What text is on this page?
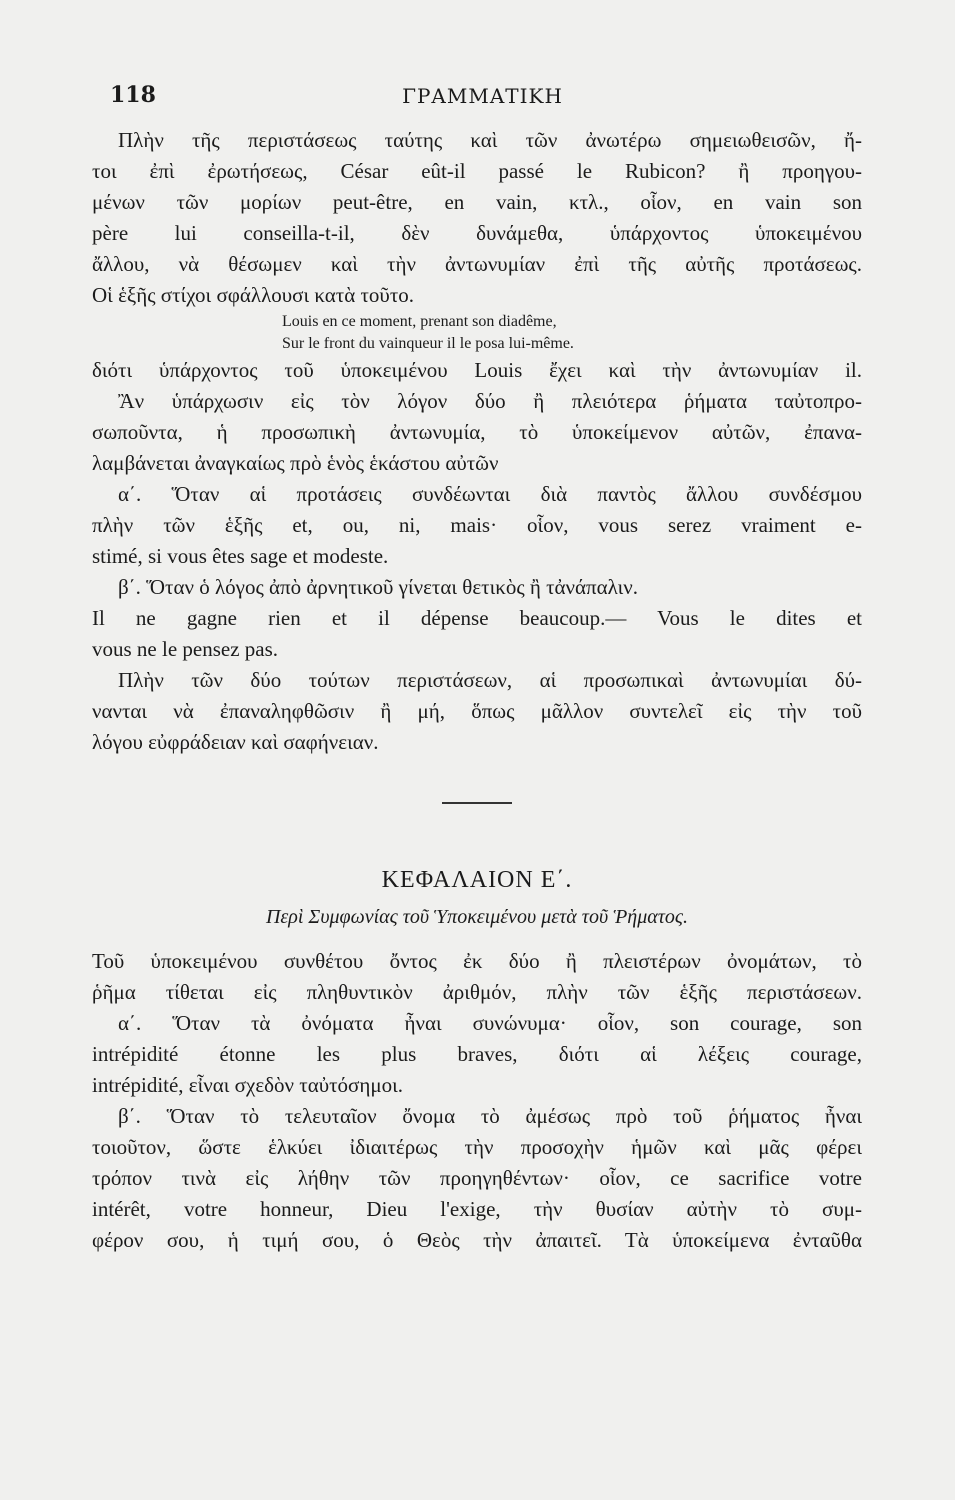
118	ΓΡΑΜΜΑΤΙΚΗ
Πλὴν τῆς περιστάσεως ταύτης καὶ τῶν ἀνωτέρω σημειωθεισῶν, ἤ-
τοι ἐπὶ ἐρωτήσεως, César eût-il passé le Rubicon? ἢ προηγου-
μένων τῶν μορίων peut-être, en vain, κτλ., οἷον, en vain son
père lui conseilla-t-il, δὲν δυνάμεθα, ὑπάρχοντος ὑποκειμένου
ἄλλου, νὰ θέσωμεν καὶ τὴν ἀντωνυμίαν ἐπὶ τῆς αὐτῆς προτάσεως.
Οἱ ἑξῆς στίχοι σφάλλουσι κατὰ τοῦτο.
Louis en ce moment, prenant son diadême,
Sur le front du vainqueur il le posa lui-même.
διότι ὑπάρχοντος τοῦ ὑποκειμένου Louis ἔχει καὶ τὴν ἀντωνυμίαν il.
Ἂν ὑπάρχωσιν εἰς τὸν λόγον δύο ἢ πλειότερα ῥήματα ταὐτοπρο-
σωποῦντα, ἡ προσωπικὴ ἀντωνυμία, τὸ ὑποκείμενον αὐτῶν, ἐπανα-
λαμβάνεται ἀναγκαίως πρὸ ἑνὸς ἑκάστου αὐτῶν
α΄. Ὅταν αἱ προτάσεις συνδέωνται διὰ παντὸς ἄλλου συνδέσμου
πλὴν τῶν ἑξῆς et, ou, ni, mais· οἷον, vous serez vraiment e-
stimé, si vous êtes sage et modeste.
β΄. Ὅταν ὁ λόγος ἀπὸ ἀρνητικοῦ γίνεται θετικὸς ἢ τἀνάπαλιν.
Il ne gagne rien et il dépense beaucoup.— Vous le dites et
vous ne le pensez pas.
Πλὴν τῶν δύο τούτων περιστάσεων, αἱ προσωπικαὶ ἀντωνυμίαι δύ-
νανται νὰ ἐπαναληφθῶσιν ἢ μή, ὅπως μᾶλλον συντελεῖ εἰς τὴν τοῦ
λόγου εὐφράδειαν καὶ σαφήνειαν.
ΚΕΦΑΛΑΙΟΝ Ε΄.
Περὶ Συμφωνίας τοῦ Ὑποκειμένου μετὰ τοῦ Ῥήματος.
Τοῦ ὑποκειμένου συνθέτου ὄντος ἐκ δύο ἢ πλειστέρων ὀνομάτων, τὸ
ῥῆμα τίθεται εἰς πληθυντικὸν ἀριθμόν, πλὴν τῶν ἑξῆς περιστάσεων.
α΄. Ὅταν τὰ ὀνόματα ἦναι συνώνυμα· οἷον, son courage, son
intrépidité étonne les plus braves, διότι αἱ λέξεις courage,
intrépidité, εἶναι σχεδὸν ταὐτόσημοι.
β΄. Ὅταν τὸ τελευταῖον ὄνομα τὸ ἀμέσως πρὸ τοῦ ῥήματος ἦναι
τοιοῦτον, ὥστε ἑλκύει ἰδιαιτέρως τὴν προσοχὴν ἡμῶν καὶ μᾶς φέρει
τρόπον τινὰ εἰς λήθην τῶν προηγηθέντων· οἷον, ce sacrifice votre
intérêt, votre honneur, Dieu l'exige, τὴν θυσίαν αὐτὴν τὸ συμ-
φέρον σου, ἡ τιμή σου, ὁ Θεὸς τὴν ἀπαιτεῖ. Τὰ ὑποκείμενα ἐνταῦθα
